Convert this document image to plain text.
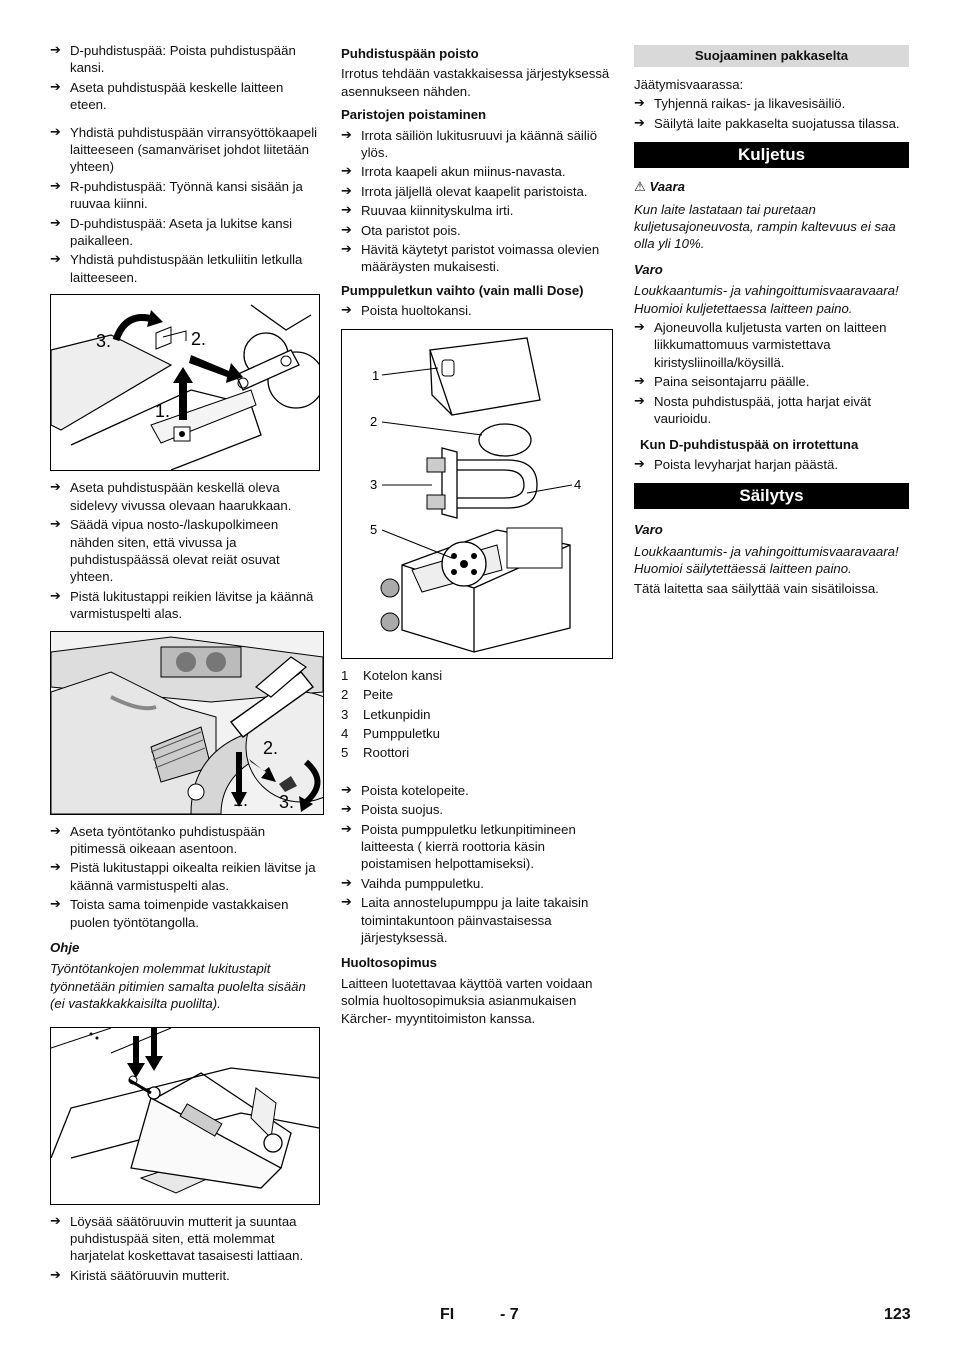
➔ D-puhdistuspää: Poista puhdistuspään kansi.
➔ Aseta puhdistuspää keskelle laitteen eteen.
➔ Yhdistä puhdistuspään virransyöttökaapeli laitteeseen (samanväriset johdot liitetään yhteen)
➔ R-puhdistuspää: Työnnä kansi sisään ja ruuvaa kiinni.
➔ D-puhdistuspää: Aseta ja lukitse kansi paikalleen.
➔ Yhdistä puhdistuspään letkuliitin letkulla laitteeseen.
1.
2.
3.
➔ Aseta puhdistuspään keskellä oleva sidelevy vivussa olevaan haarukkaan.
➔ Säädä vipua nosto-/laskupolkimeen nähden siten, että vivussa ja puhdistuspäässä olevat reiät osuvat yhteen.
➔ Pistä lukitustappi reikien lävitse ja käännä varmistuspelti alas.
1.
2.
3.
➔ Aseta työntötanko puhdistuspään pitimessä oikeaan asentoon.
➔ Pistä lukitustappi oikealta reikien lävitse ja käännä varmistuspelti alas.
➔ Toista sama toimenpide vastakkaisen puolen työntötangolla.
Ohje

Työntötankojen molemmat lukitustapit työnnetään pitimien samalta puolelta sisään (ei vastakkakkaisilta puolilta).

➔ Löysää säätöruuvin mutterit ja suuntaa puhdistuspää siten, että molemmat harjatelat koskettavat tasaisesti lattiaan.
➔ Kiristä säätöruuvin mutterit.
Puhdistuspään poisto

Irrotus tehdään vastakkaisessa järjestyksessä asennukseen nähden.

Paristojen poistaminen
➔ Irrota säiliön lukitusruuvi ja käännä säiliö ylös.
➔ Irrota kaapeli akun miinus-navasta.
➔ Irrota jäljellä olevat kaapelit paristoista.
➔ Ruuvaa kiinnityskulma irti.
➔ Ota paristot pois.
➔ Hävitä käytetyt paristot voimassa olevien määräysten mukaisesti.
Pumppuletkun vaihto (vain malli Dose)
➔ Poista huoltokansi.
1
2
3	4
5
1	Kotelon kansi
2	Peite
3	Letkunpidin
4	Pumppuletku
5	Roottori
➔ Poista kotelopeite.
➔ Poista suojus.
➔ Poista pumppuletku letkunpitimineen laitteesta ( kierrä roottoria käsin poistamisen helpottamiseksi).
➔ Vaihda pumppuletku.
➔ Laita annostelupumppu ja laite takaisin toimintakuntoon päinvastaisessa järjestyksessä.
Huoltosopimus

Laitteen luotettavaa käyttöä varten voidaan solmia huoltosopimuksia asianmukaisen Kärcher- myyntitoimiston kanssa.

Suojaaminen pakkaselta

Jäätymisvaarassa:

➔ Tyhjennä raikas- ja likavesisäiliö.
➔ Säilytä laite pakkaselta suojatussa tilassa.
Kuljetus
⚠ Vaara

Kun laite lastataan tai puretaan kuljetusajoneuvosta, rampin kaltevuus ei saa olla yli 10%.

Varo

Loukkaantumis- ja vahingoittumisvaaravaara! Huomioi kuljetettaessa laitteen paino.

➔ Ajoneuvolla kuljetusta varten on laitteen liikkumattomuus varmistettava kiristysliinoilla/köysillä.
➔ Paina seisontajarru päälle.
➔ Nosta puhdistuspää, jotta harjat eivät vaurioidu.
Kun D-puhdistuspää on irrotettuna
➔ Poista levyharjat harjan päästä.
Säilytys
Varo

Loukkaantumis- ja vahingoittumisvaaravaara! Huomioi säilytettäessä laitteen paino.

Tätä laitetta saa säilyttää vain sisätiloissa.

FI	- 7	123
